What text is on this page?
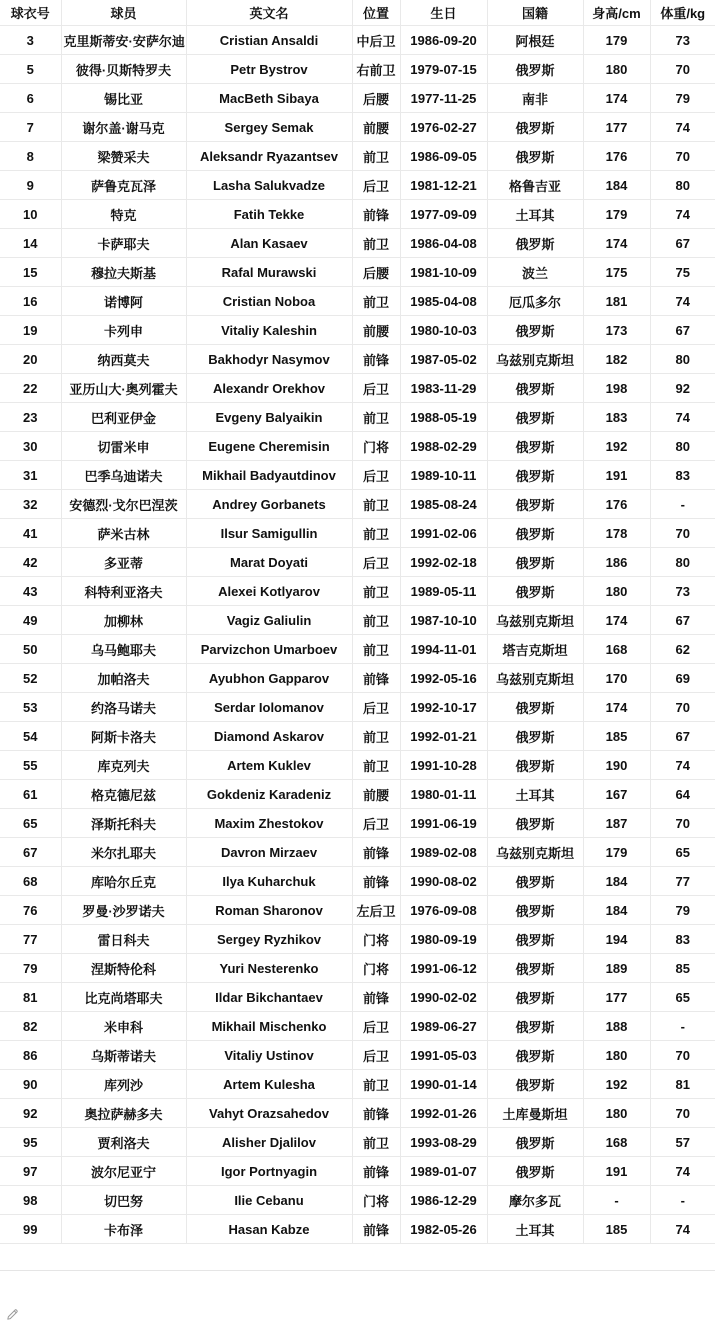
球衣号	球员	英文名	位置	生日	国籍	身高/cm	体重/kg
3	克里斯蒂安·安萨尔迪	Cristian Ansaldi	中后卫	1986-09-20	阿根廷	179	73
5	彼得·贝斯特罗夫	Petr Bystrov	右前卫	1979-07-15	俄罗斯	180	70
6	锡比亚	MacBeth Sibaya	后腰	1977-11-25	南非	174	79
7	谢尔盖·谢马克	Sergey Semak	前腰	1976-02-27	俄罗斯	177	74
8	梁赞采夫	Aleksandr Ryazantsev	前卫	1986-09-05	俄罗斯	176	70
9	萨鲁克瓦泽	Lasha Salukvadze	后卫	1981-12-21	格鲁吉亚	184	80
10	特克	Fatih Tekke	前锋	1977-09-09	土耳其	179	74
14	卡萨耶夫	Alan Kasaev	前卫	1986-04-08	俄罗斯	174	67
15	穆拉夫斯基	Rafal Murawski	后腰	1981-10-09	波兰	175	75
16	诺博阿	Cristian Noboa	前卫	1985-04-08	厄瓜多尔	181	74
19	卡列申	Vitaliy Kaleshin	前腰	1980-10-03	俄罗斯	173	67
20	纳西莫夫	Bakhodyr Nasymov	前锋	1987-05-02	乌兹别克斯坦	182	80
22	亚历山大·奥列霍夫	Alexandr Orekhov	后卫	1983-11-29	俄罗斯	198	92
23	巴利亚伊金	Evgeny Balyaikin	前卫	1988-05-19	俄罗斯	183	74
30	切雷米申	Eugene Cheremisin	门将	1988-02-29	俄罗斯	192	80
31	巴季乌迪诺夫	Mikhail Badyautdinov	后卫	1989-10-11	俄罗斯	191	83
32	安德烈·戈尔巴涅茨	Andrey Gorbanets	前卫	1985-08-24	俄罗斯	176	-
41	萨米古林	Ilsur Samigullin	前卫	1991-02-06	俄罗斯	178	70
42	多亚蒂	Marat Doyati	后卫	1992-02-18	俄罗斯	186	80
43	科特利亚洛夫	Alexei Kotlyarov	前卫	1989-05-11	俄罗斯	180	73
49	加柳林	Vagiz Galiulin	前卫	1987-10-10	乌兹别克斯坦	174	67
50	乌马鲍耶夫	Parvizchon Umarboev	前卫	1994-11-01	塔吉克斯坦	168	62
52	加帕洛夫	Ayubhon Gapparov	前锋	1992-05-16	乌兹别克斯坦	170	69
53	约洛马诺夫	Serdar Iolomanov	后卫	1992-10-17	俄罗斯	174	70
54	阿斯卡洛夫	Diamond Askarov	前卫	1992-01-21	俄罗斯	185	67
55	库克列夫	Artem Kuklev	前卫	1991-10-28	俄罗斯	190	74
61	格克德尼兹	Gokdeniz Karadeniz	前腰	1980-01-11	土耳其	167	64
65	泽斯托科夫	Maxim Zhestokov	后卫	1991-06-19	俄罗斯	187	70
67	米尔扎耶夫	Davron Mirzaev	前锋	1989-02-08	乌兹别克斯坦	179	65
68	库哈尔丘克	Ilya Kuharchuk	前锋	1990-08-02	俄罗斯	184	77
76	罗曼·沙罗诺夫	Roman Sharonov	左后卫	1976-09-08	俄罗斯	184	79
77	雷日科夫	Sergey Ryzhikov	门将	1980-09-19	俄罗斯	194	83
79	涅斯特伦科	Yuri Nesterenko	门将	1991-06-12	俄罗斯	189	85
81	比克尚塔耶夫	Ildar Bikchantaev	前锋	1990-02-02	俄罗斯	177	65
82	米申科	Mikhail Mischenko	后卫	1989-06-27	俄罗斯	188	-
86	乌斯蒂诺夫	Vitaliy Ustinov	后卫	1991-05-03	俄罗斯	180	70
90	库列沙	Artem Kulesha	前卫	1990-01-14	俄罗斯	192	81
92	奥拉萨赫多夫	Vahyt Orazsahedov	前锋	1992-01-26	土库曼斯坦	180	70
95	贾利洛夫	Alisher Djalilov	前卫	1993-08-29	俄罗斯	168	57
97	波尔尼亚宁	Igor Portnyagin	前锋	1989-01-07	俄罗斯	191	74
98	切巴努	Ilie Cebanu	门将	1986-12-29	摩尔多瓦	-	-
99	卡布泽	Hasan Kabze	前锋	1982-05-26	土耳其	185	74
